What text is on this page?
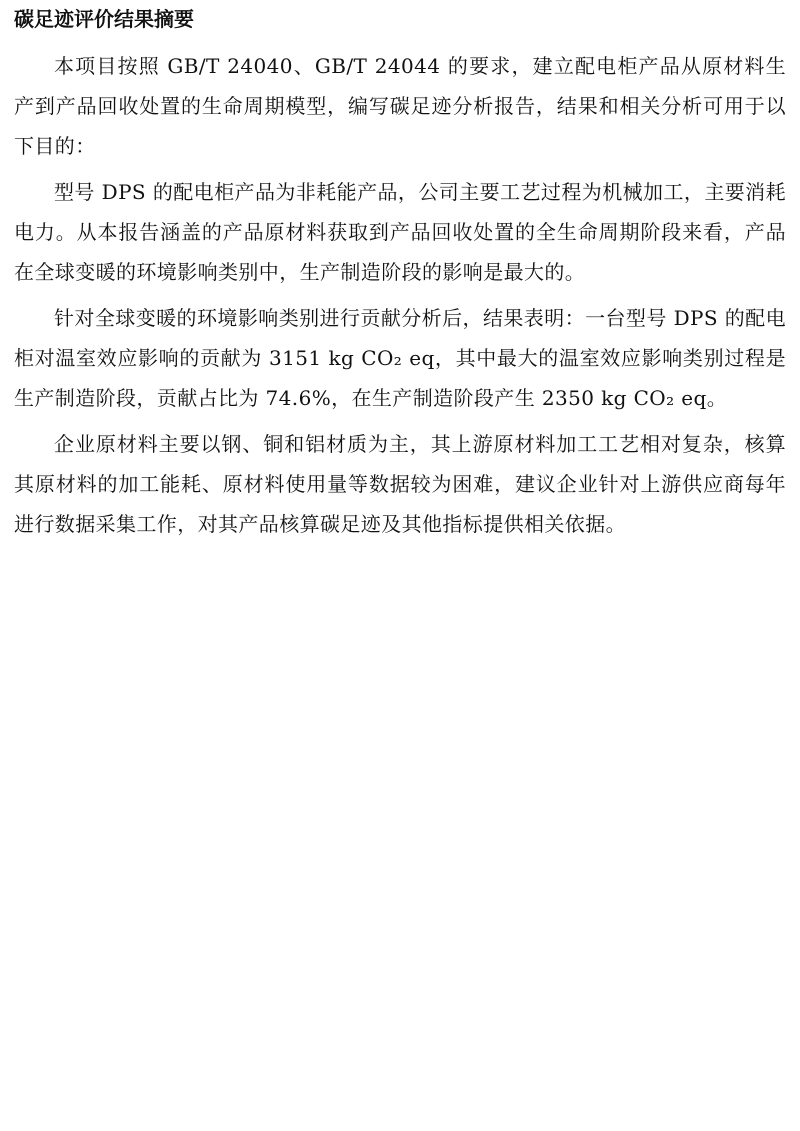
碳足迹评价结果摘要

本项目按照 GB/T 24040、GB/T 24044 的要求，建立配电柜产品从原材料生产到产品回收处置的生命周期模型，编写碳足迹分析报告，结果和相关分析可用于以下目的：

型号 DPS 的配电柜产品为非耗能产品，公司主要工艺过程为机械加工，主要消耗电力。从本报告涵盖的产品原材料获取到产品回收处置的全生命周期阶段来看，产品在全球变暖的环境影响类别中，生产制造阶段的影响是最大的。

针对全球变暖的环境影响类别进行贡献分析后，结果表明：一台型号 DPS 的配电柜对温室效应影响的贡献为 3151 kg CO₂ eq，其中最大的温室效应影响类别过程是生产制造阶段，贡献占比为 74.6%，在生产制造阶段产生 2350 kg CO₂ eq。

企业原材料主要以钢、铜和铝材质为主，其上游原材料加工工艺相对复杂，核算其原材料的加工能耗、原材料使用量等数据较为困难，建议企业针对上游供应商每年进行数据采集工作，对其产品核算碳足迹及其他指标提供相关依据。
